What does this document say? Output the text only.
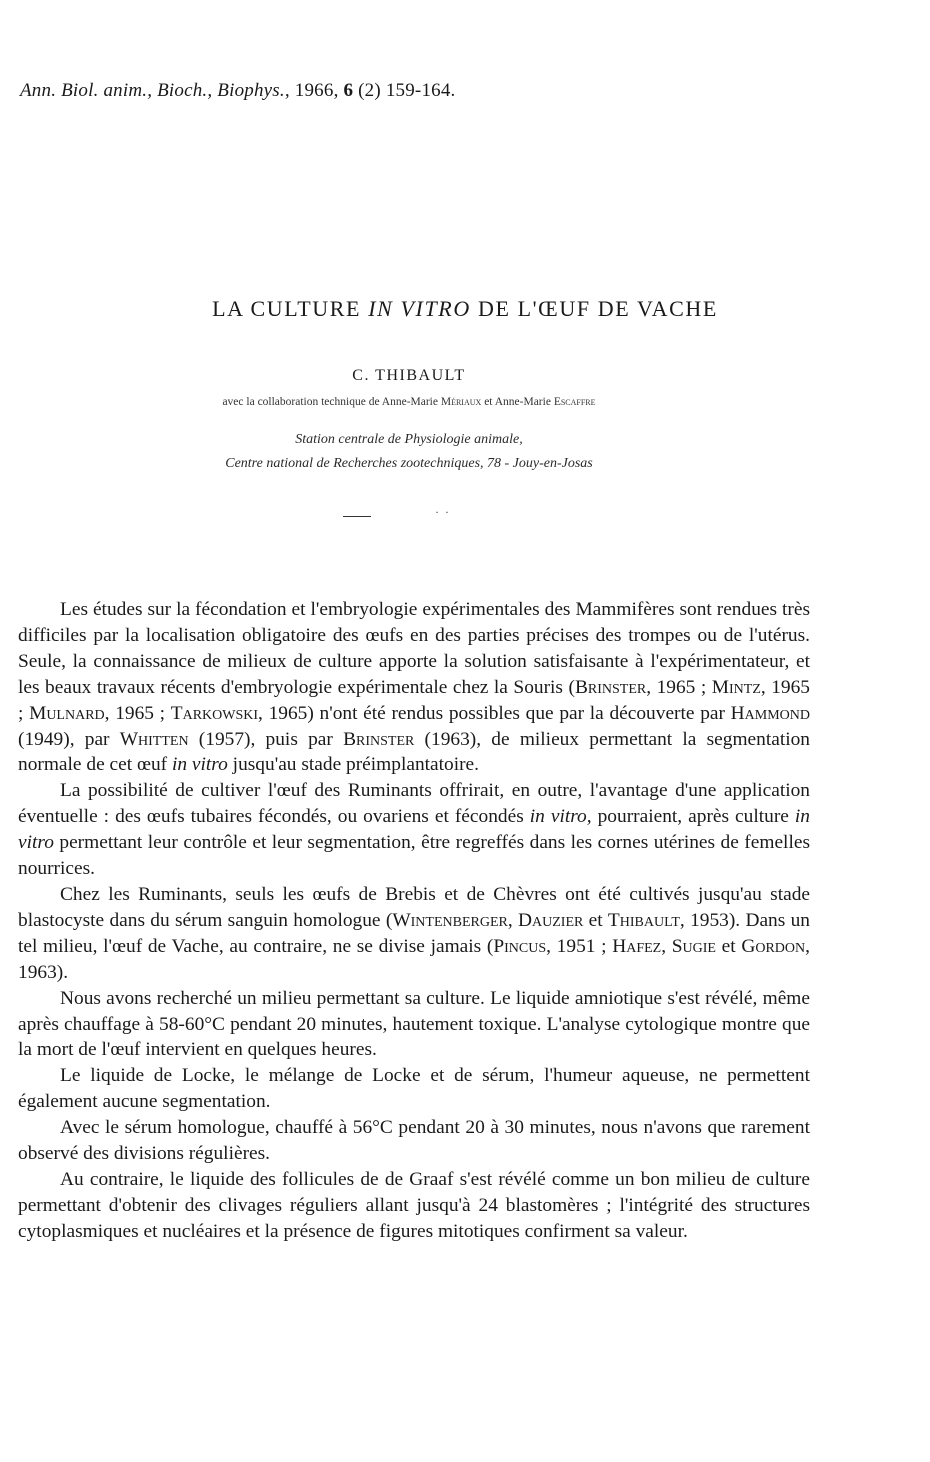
Ann. Biol. anim., Bioch., Biophys., 1966, 6 (2) 159-164.
LA CULTURE IN VITRO DE L'ŒUF DE VACHE
C. THIBAULT
avec la collaboration technique de Anne-Marie Mériaux et Anne-Marie Escaffre
Station centrale de Physiologie animale,
Centre national de Recherches zootechniques, 78 - Jouy-en-Josas
··

Les études sur la fécondation et l'embryologie expérimentales des Mammifères sont rendues très difficiles par la localisation obligatoire des œufs en des parties précises des trompes ou de l'utérus. Seule, la connaissance de milieux de culture apporte la solution satisfaisante à l'expérimentateur, et les beaux travaux récents d'embryologie expérimentale chez la Souris (Brinster, 1965 ; Mintz, 1965 ; Mulnard, 1965 ; Tarkowski, 1965) n'ont été rendus possibles que par la découverte par Hammond (1949), par Whitten (1957), puis par Brinster (1963), de milieux permettant la segmentation normale de cet œuf in vitro jusqu'au stade préimplantatoire.

La possibilité de cultiver l'œuf des Ruminants offrirait, en outre, l'avantage d'une application éventuelle : des œufs tubaires fécondés, ou ovariens et fécondés in vitro, pourraient, après culture in vitro permettant leur contrôle et leur segmentation, être regreffés dans les cornes utérines de femelles nourrices.

Chez les Ruminants, seuls les œufs de Brebis et de Chèvres ont été cultivés jusqu'au stade blastocyste dans du sérum sanguin homologue (Wintenberger, Dauzier et Thibault, 1953). Dans un tel milieu, l'œuf de Vache, au contraire, ne se divise jamais (Pincus, 1951 ; Hafez, Sugie et Gordon, 1963).

Nous avons recherché un milieu permettant sa culture. Le liquide amniotique s'est révélé, même après chauffage à 58-60°C pendant 20 minutes, hautement toxique. L'analyse cytologique montre que la mort de l'œuf intervient en quelques heures.

Le liquide de Locke, le mélange de Locke et de sérum, l'humeur aqueuse, ne permettent également aucune segmentation.

Avec le sérum homologue, chauffé à 56°C pendant 20 à 30 minutes, nous n'avons que rarement observé des divisions régulières.

Au contraire, le liquide des follicules de de Graaf s'est révélé comme un bon milieu de culture permettant d'obtenir des clivages réguliers allant jusqu'à 24 blastomères ; l'intégrité des structures cytoplasmiques et nucléaires et la présence de figures mitotiques confirment sa valeur.
